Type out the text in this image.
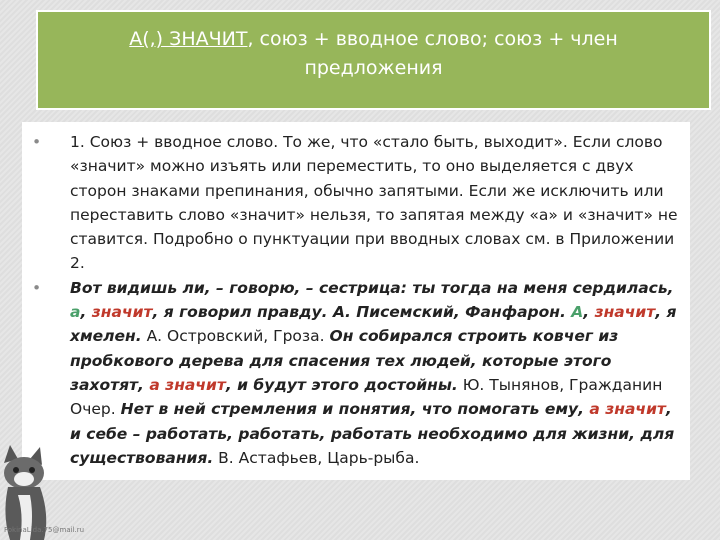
А(,) ЗНАЧИТ, союз + вводное слово; союз + член
предложения
• 1. Союз + вводное слово. То же, что «стало быть, выходит». Если слово «значит» можно изъять или переместить, то оно выделяется с двух сторон знаками препинания, обычно запятыми. Если же исключить или переставить слово «значит» нельзя, то запятая между «а» и «значит» не ставится. Подробно о пунктуации при вводных словах см. в Приложении 2.
• Вот видишь ли, – говорю, – сестрица: ты тогда на меня сердилась, а, значит, я говорил правду. А. Писемский, Фанфарон. А, значит, я хмелен. А. Островский, Гроза. Он собирался строить ковчег из пробкового дерева для спасения тех людей, которые этого захотят, а значит, и будут этого достойны. Ю. Тынянов, Гражданин Очер. Нет в ней стремления и понятия, что помогать ему, а значит, и себе – работать, работать, работать необходимо для жизни, для существования. В. Астафьев, Царь-рыба.
FokinaLida.75@mail.ru
